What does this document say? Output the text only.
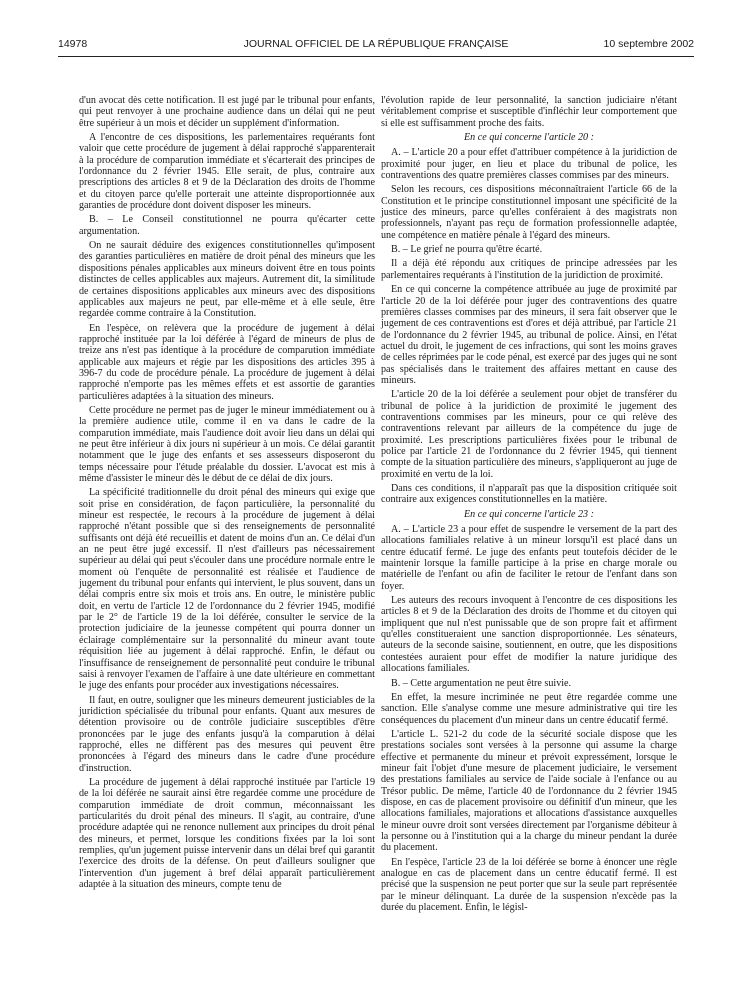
14978	JOURNAL OFFICIEL DE LA RÉPUBLIQUE FRANÇAISE	10 septembre 2002

d'un avocat dès cette notification. Il est jugé par le tribunal pour enfants, qui peut renvoyer à une prochaine audience dans un délai qui ne peut être supérieur à un mois et décider un supplément d'information.

A l'encontre de ces dispositions, les parlementaires requérants font valoir que cette procédure de jugement à délai rapproché s'apparenterait à la procédure de comparution immédiate et s'écarterait des principes de l'ordonnance du 2 février 1945. Elle serait, de plus, contraire aux prescriptions des articles 8 et 9 de la Déclaration des droits de l'homme et du citoyen parce qu'elle porterait une atteinte disproportionnée aux garanties de procédure dont doivent disposer les mineurs.

B. – Le Conseil constitutionnel ne pourra qu'écarter cette argumentation.

On ne saurait déduire des exigences constitutionnelles qu'imposent des garanties particulières en matière de droit pénal des mineurs que les dispositions pénales applicables aux mineurs doivent être en tous points distinctes de celles applicables aux majeurs. Autrement dit, la similitude de certaines dispositions applicables aux mineurs avec des dispositions applicables aux majeurs ne peut, par elle-même et à elle seule, être regardée comme contraire à la Constitution.

En l'espèce, on relèvera que la procédure de jugement à délai rapproché instituée par la loi déférée à l'égard de mineurs de plus de treize ans n'est pas identique à la procédure de comparution immédiate applicable aux majeurs et régie par les dispositions des articles 395 à 396-7 du code de procédure pénale. La procédure de jugement à délai rapproché n'emporte pas les mêmes effets et est assortie de garanties particulières adaptées à la situation des mineurs.

Cette procédure ne permet pas de juger le mineur immédiatement ou à la première audience utile, comme il en va dans le cadre de la comparution immédiate, mais l'audience doit avoir lieu dans un délai qui ne peut être inférieur à dix jours ni supérieur à un mois. Ce délai garantit notamment que le juge des enfants et ses assesseurs disposeront du temps nécessaire pour l'étude préalable du dossier. L'avocat est mis à même d'assister le mineur dès le début de ce délai de dix jours.

La spécificité traditionnelle du droit pénal des mineurs qui exige que soit prise en considération, de façon particulière, la personnalité du mineur est respectée, le recours à la procédure de jugement à délai rapproché n'étant possible que si des renseignements de personnalité suffisants ont déjà été recueillis et datent de moins d'un an. Ce délai d'un an ne peut être jugé excessif. Il n'est d'ailleurs pas nécessairement supérieur au délai qui peut s'écouler dans une procédure normale entre le moment où l'enquête de personnalité est réalisée et l'audience de jugement du tribunal pour enfants qui intervient, le plus souvent, dans un délai compris entre six mois et trois ans. En outre, le ministère public doit, en vertu de l'article 12 de l'ordonnance du 2 février 1945, modifié par le 2° de l'article 19 de la loi déférée, consulter le service de la protection judiciaire de la jeunesse compétent qui pourra donner un éclairage complémentaire sur la personnalité du mineur avant toute réquisition liée au jugement à délai rapproché. Enfin, le défaut ou l'insuffisance de renseignement de personnalité peut conduire le tribunal saisi à renvoyer l'examen de l'affaire à une date ultérieure en commettant le juge des enfants pour procéder aux investigations nécessaires.

Il faut, en outre, souligner que les mineurs demeurent justiciables de la juridiction spécialisée du tribunal pour enfants. Quant aux mesures de détention provisoire ou de contrôle judiciaire susceptibles d'être prononcées par le juge des enfants jusqu'à la comparution à délai rapproché, elles ne diffèrent pas des mesures qui peuvent être prononcées à l'égard des mineurs dans le cadre d'une procédure d'instruction.

La procédure de jugement à délai rapproché instituée par l'article 19 de la loi déférée ne saurait ainsi être regardée comme une procédure de comparution immédiate de droit commun, méconnaissant les particularités du droit pénal des mineurs. Il s'agit, au contraire, d'une procédure adaptée qui ne renonce nullement aux principes du droit pénal des mineurs, et permet, lorsque les conditions fixées par la loi sont remplies, qu'un jugement puisse intervenir dans un délai bref qui garantit l'exercice des droits de la défense. On peut d'ailleurs souligner que l'intervention d'un jugement à bref délai apparaît particulièrement adaptée à la situation des mineurs, compte tenu de

l'évolution rapide de leur personnalité, la sanction judiciaire n'étant véritablement comprise et susceptible d'infléchir leur comportement que si elle est suffisamment proche des faits.

En ce qui concerne l'article 20 :

A. – L'article 20 a pour effet d'attribuer compétence à la juridiction de proximité pour juger, en lieu et place du tribunal de police, les contraventions des quatre premières classes commises par des mineurs.

Selon les recours, ces dispositions méconnaîtraient l'article 66 de la Constitution et le principe constitutionnel imposant une spécificité de la justice des mineurs, parce qu'elles conféraient à des magistrats non professionnels, n'ayant pas reçu de formation professionnelle adaptée, une compétence en matière pénale à l'égard des mineurs.

B. – Le grief ne pourra qu'être écarté.

Il a déjà été répondu aux critiques de principe adressées par les parlementaires requérants à l'institution de la juridiction de proximité.

En ce qui concerne la compétence attribuée au juge de proximité par l'article 20 de la loi déférée pour juger des contraventions des quatre premières classes commises par des mineurs, il sera fait observer que le jugement de ces contraventions est d'ores et déjà attribué, par l'article 21 de l'ordonnance du 2 février 1945, au tribunal de police. Ainsi, en l'état actuel du droit, le jugement de ces infractions, qui sont les moins graves de celles réprimées par le code pénal, est exercé par des juges qui ne sont pas spécialisés dans le traitement des affaires mettant en cause des mineurs.

L'article 20 de la loi déférée a seulement pour objet de transférer du tribunal de police à la juridiction de proximité le jugement des contraventions commises par les mineurs, pour ce qui relève des contraventions relevant par ailleurs de la compétence du juge de proximité. Les prescriptions particulières fixées pour le tribunal de police par l'article 21 de l'ordonnance du 2 février 1945, qui tiennent compte de la situation particulière des mineurs, s'appliqueront au juge de proximité en vertu de la loi.

Dans ces conditions, il n'apparaît pas que la disposition critiquée soit contraire aux exigences constitutionnelles en la matière.

En ce qui concerne l'article 23 :

A. – L'article 23 a pour effet de suspendre le versement de la part des allocations familiales relative à un mineur lorsqu'il est placé dans un centre éducatif fermé. Le juge des enfants peut toutefois décider de le maintenir lorsque la famille participe à la prise en charge morale ou matérielle de l'enfant ou afin de faciliter le retour de l'enfant dans son foyer.

Les auteurs des recours invoquent à l'encontre de ces dispositions les articles 8 et 9 de la Déclaration des droits de l'homme et du citoyen qui impliquent que nul n'est punissable que de son propre fait et affirment qu'elles constitueraient une sanction disproportionnée. Les sénateurs, auteurs de la seconde saisine, soutiennent, en outre, que les dispositions contestées auraient pour effet de modifier la nature juridique des allocations familiales.

B. – Cette argumentation ne peut être suivie.

En effet, la mesure incriminée ne peut être regardée comme une sanction. Elle s'analyse comme une mesure administrative qui tire les conséquences du placement d'un mineur dans un centre éducatif fermé.

L'article L. 521-2 du code de la sécurité sociale dispose que les prestations sociales sont versées à la personne qui assume la charge effective et permanente du mineur et prévoit expressément, lorsque le mineur fait l'objet d'une mesure de placement judiciaire, le versement des prestations familiales au service de l'aide sociale à l'enfance ou au Trésor public. De même, l'article 40 de l'ordonnance du 2 février 1945 dispose, en cas de placement provisoire ou définitif d'un mineur, que les allocations familiales, majorations et allocations d'assistance auxquelles le mineur ouvre droit sont versées directement par l'organisme débiteur à la personne ou à l'institution qui a la charge du mineur pendant la durée du placement.

En l'espèce, l'article 23 de la loi déférée se borne à énoncer une règle analogue en cas de placement dans un centre éducatif fermé. Il est précisé que la suspension ne peut porter que sur la seule part représentée par le mineur délinquant. La durée de la suspension n'excède pas la durée du placement. Enfin, le législ-
